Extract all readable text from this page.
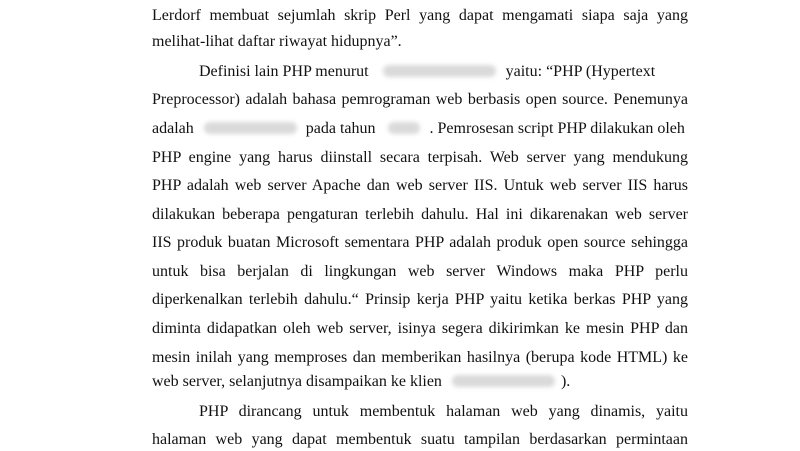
Lerdorf membuat sejumlah skrip Perl yang dapat mengamati siapa saja yang
melihat-lihat daftar riwayat hidupnya”.
Definisi lain PHP menurut	yaitu: “PHP (Hypertext
Preprocessor) adalah bahasa pemrograman web berbasis open source. Penemunya
adalah	pada tahun	. Pemrosesan script PHP dilakukan oleh
PHP engine yang harus diinstall secara terpisah. Web server yang mendukung
PHP adalah web server Apache dan web server IIS. Untuk web server IIS harus
dilakukan beberapa pengaturan terlebih dahulu. Hal ini dikarenakan web server
IIS produk buatan Microsoft sementara PHP adalah produk open source sehingga
untuk bisa berjalan di lingkungan web server Windows maka PHP perlu
diperkenalkan terlebih dahulu.“ Prinsip kerja PHP yaitu ketika berkas PHP yang
diminta didapatkan oleh web server, isinya segera dikirimkan ke mesin PHP dan
mesin inilah yang memproses dan memberikan hasilnya (berupa kode HTML) ke
web server, selanjutnya disampaikan ke klien	).
PHP dirancang untuk membentuk halaman web yang dinamis, yaitu
halaman web yang dapat membentuk suatu tampilan berdasarkan permintaan
